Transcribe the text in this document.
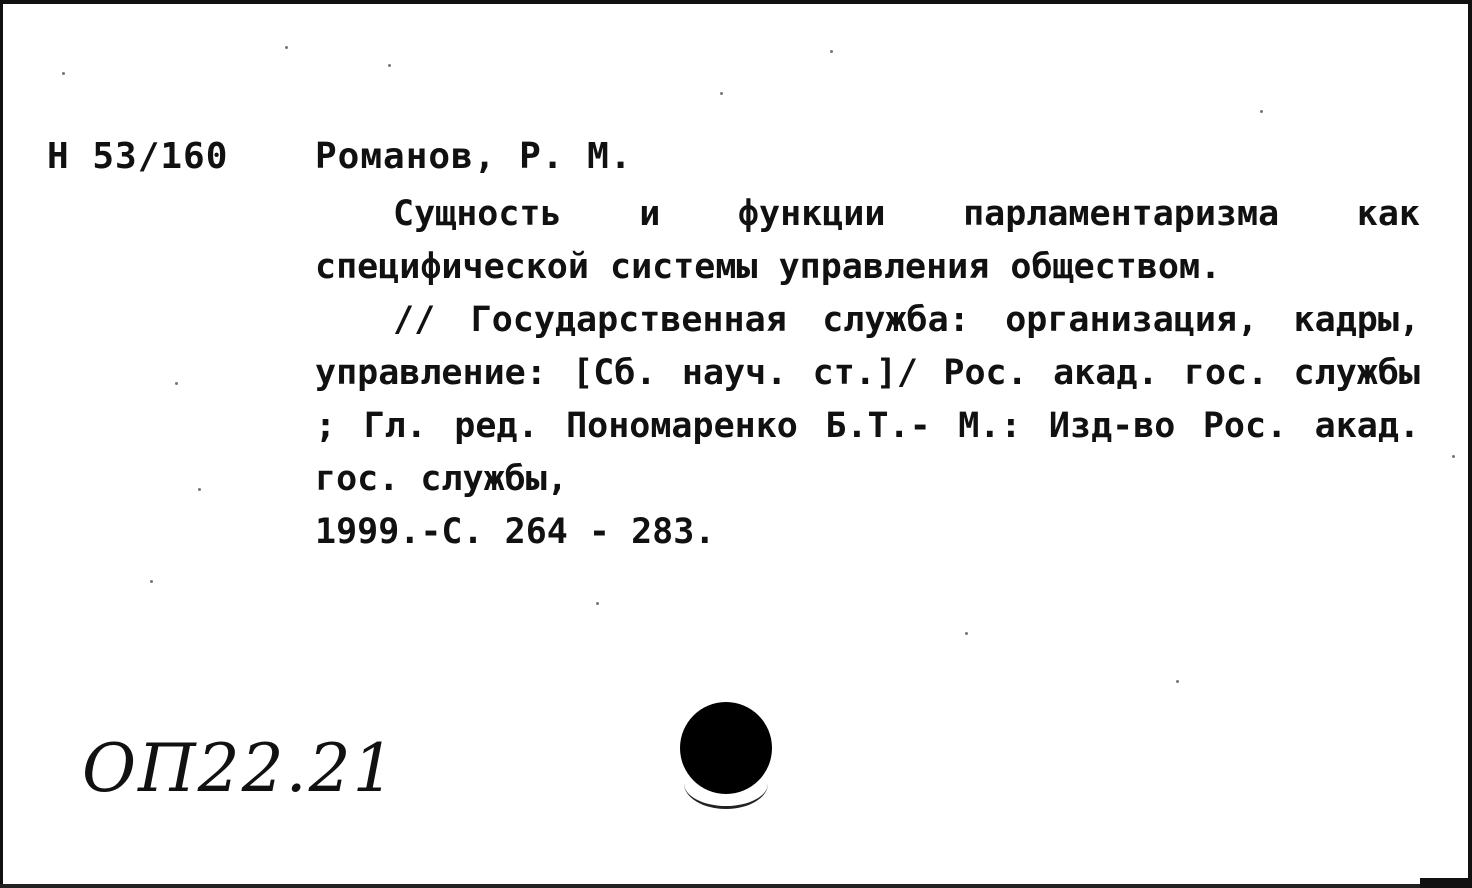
Н 53/160 Романов, Р. М.

Сущность и функции парламентаризма как специфической системы управления обществом.

// Государственная служба: организация, кадры, управление: [Сб. науч. ст.]/ Рос. акад. гос. службы ; Гл. ред. Пономаренко Б.Т.- М.: Изд-во Рос. акад. гос. службы,

1999.-С. 264 - 283.

ОП22.21
